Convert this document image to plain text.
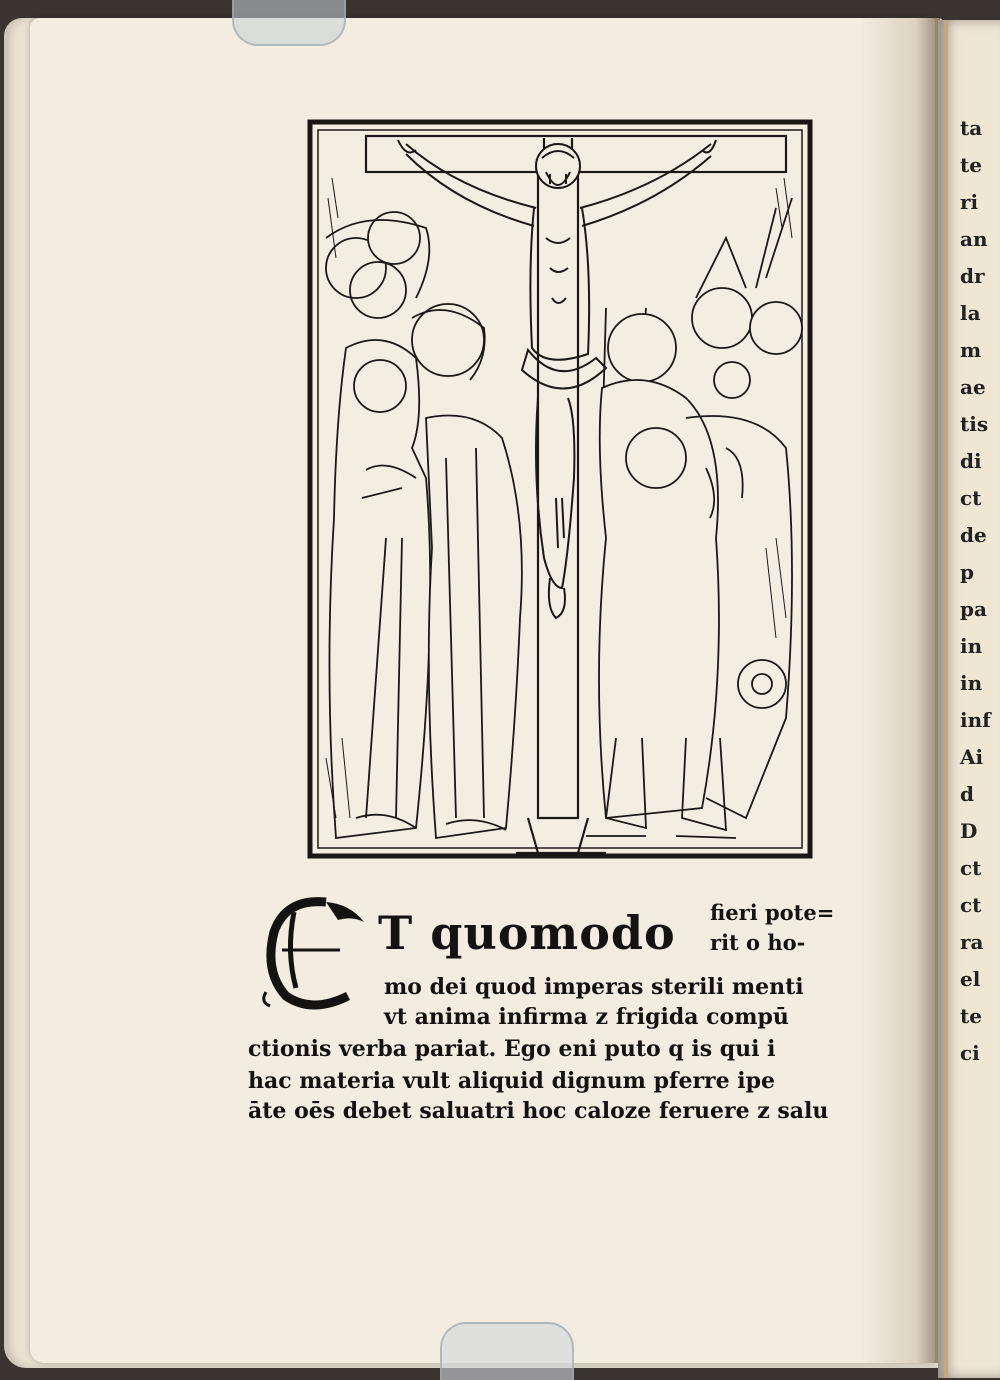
ta
te
ri
an
dr
la
m
ae
tis
di
ct
de p
pa
in
in
inf
Ai
d
D
ct
ct
ra
el
te
ci
T quomodo fieri pote= rit o ho-
mo dei quod imperas sterili menti
vt anima infirma z frigida compū
ctionis verba pariat. Ego eni puto q is qui i
hac materia vult aliquid dignum pferre ipe
āte oēs debet saluatri hoc caloze feruere z salu
